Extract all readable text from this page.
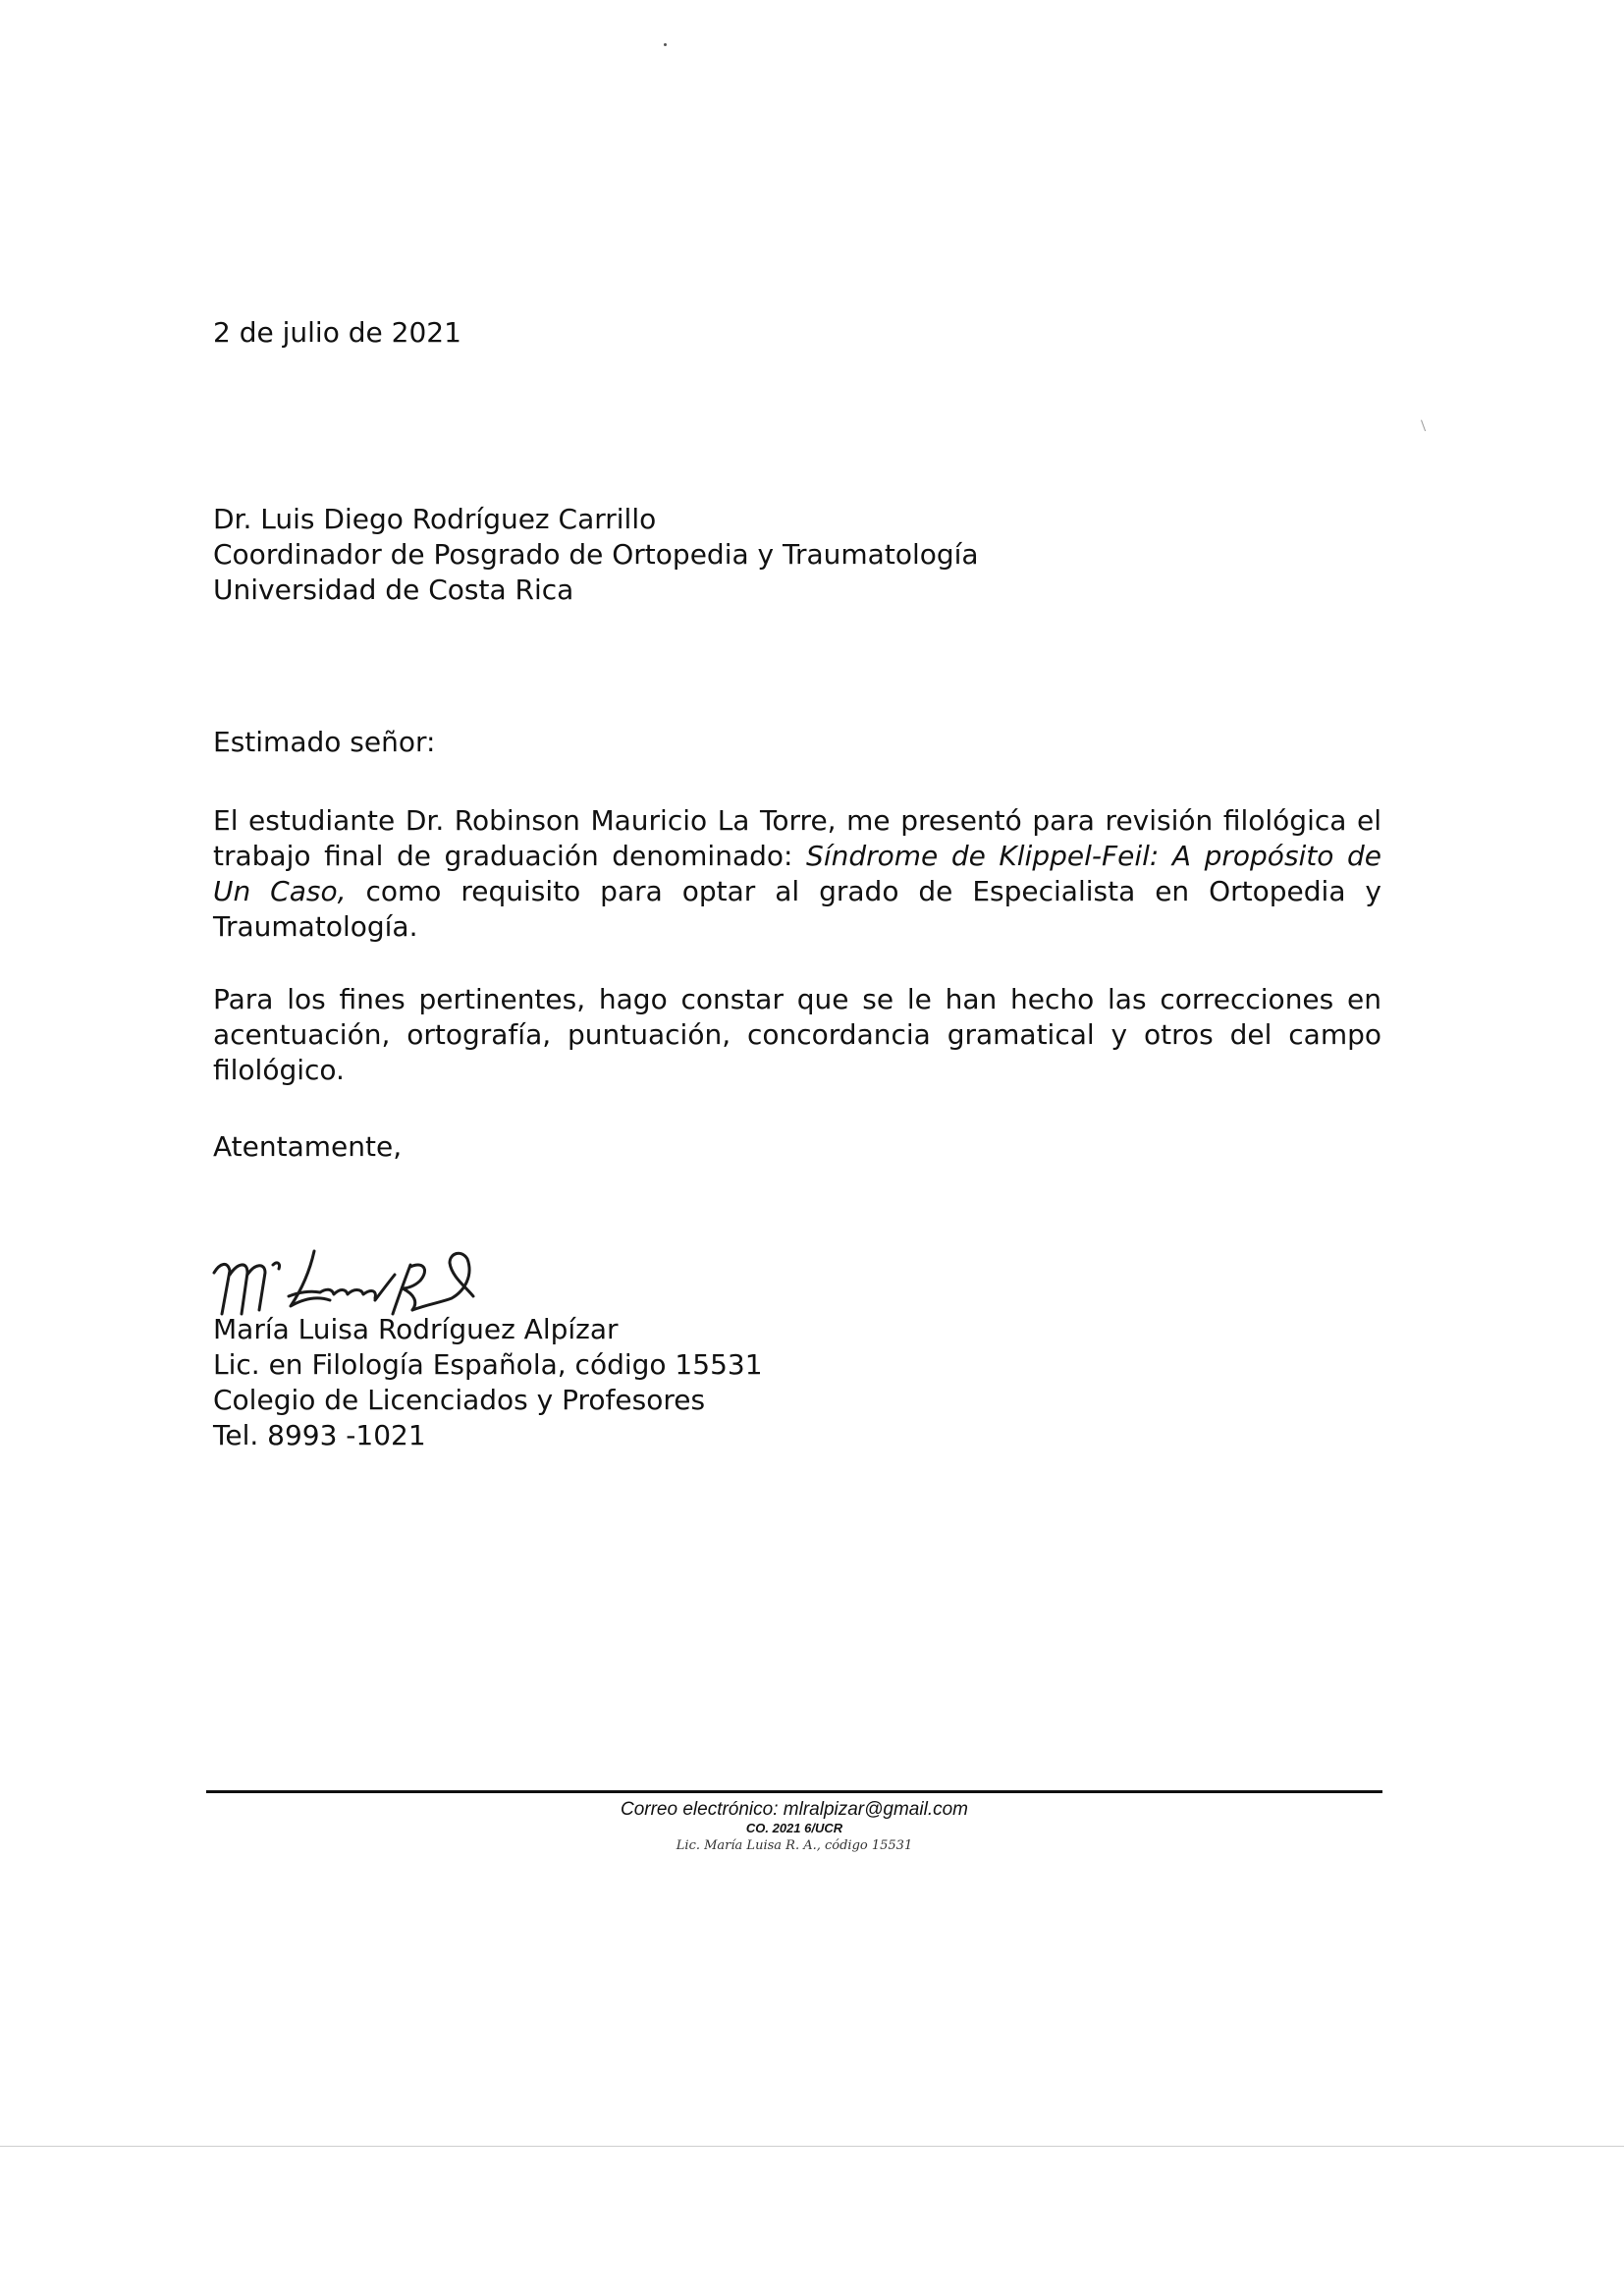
2 de julio de 2021
Dr. Luis Diego Rodríguez Carrillo
Coordinador de Posgrado de Ortopedia y Traumatología
Universidad de Costa Rica
Estimado señor:
El estudiante Dr. Robinson Mauricio La Torre, me presentó para revisión filológica el trabajo final de graduación denominado: Síndrome de Klippel-Feil: A propósito de Un Caso, como requisito para optar al grado de Especialista en Ortopedia y Traumatología.
Para los fines pertinentes, hago constar que se le han hecho las correcciones en acentuación, ortografía, puntuación, concordancia gramatical y otros del campo filológico.
Atentamente,
María Luisa Rodríguez Alpízar
Lic. en Filología Española, código 15531
Colegio de Licenciados y Profesores
Tel. 8993 -1021
Correo electrónico: mlralpizar@gmail.com
CO. 2021 6/UCR
Lic. María Luisa R. A., código 15531
